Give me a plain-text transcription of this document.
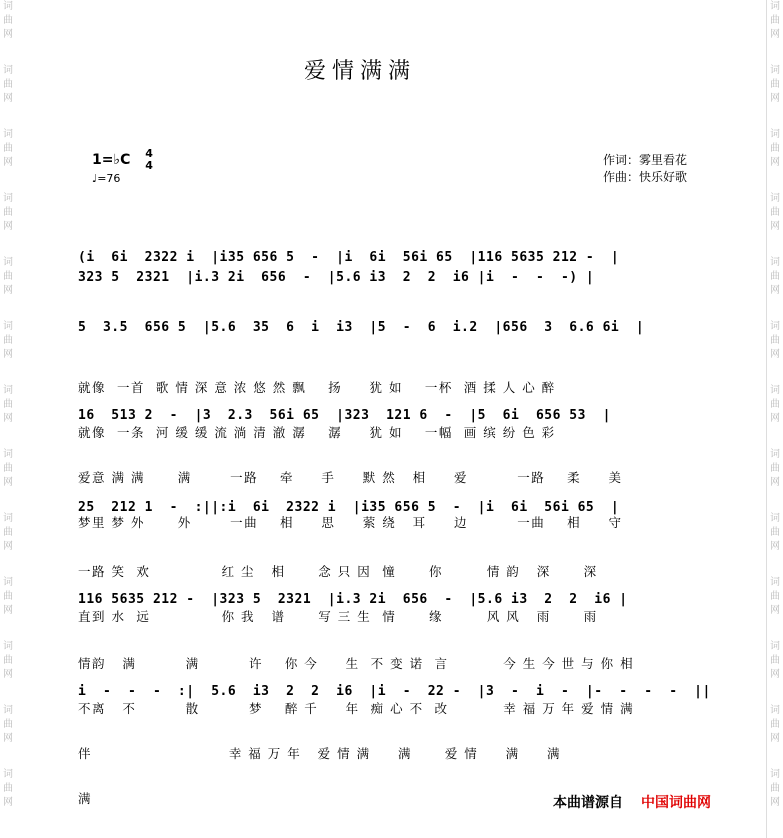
词
曲
网
词
曲
网
词
曲
网
词
曲
网
词
曲
网
词
曲
网
词
曲
网
词
曲
网
词
曲
网
词
曲
网
词
曲
网
词
曲
网
词
曲
网
词
曲
网
词
曲
网
词
曲
网
词
曲
网
词
曲
网
词
曲
网
词
曲
网
词
曲
网
词
曲
网
词
曲
网
词
曲
网
词
曲
网
词
曲
网
爱情满满
1=♭C 4
4
♩=76
作词：雾里看花
作曲：快乐好歌
(i  6i  2322 i  |i35 656 5  -  |i  6i  56i 65  |116 5635 212 -  |
323 5  2321  |i.3 2i  656  -  |5.6 i3  2  2  i6 |i  -  -  -) |
5  3.5  656 5  |5.6  35  6  i  i3  |5  -  6  i.2  |656  3  6.6 6i  |

就像  一首  歌 情 深 意 浓 悠 然 飘    扬     犹 如    一杯  酒 揉 人 心 醉

就像  一条  河 缓 缓 流 淌 清 澈 潺    潺     犹 如    一幅  画 缤 纷 色 彩

16  513 2  -  |3  2.3  56i 65  |323  121 6  -  |5  6i  656 53  |

爱意 满 满      满       一路    牵     手     默 然   相     爱         一路    柔     美

梦里 梦 外      外       一曲    相     思     萦 绕   耳     边         一曲    相     守

25  212 1  -  :||:i  6i  2322 i  |i35 656 5  -  |i  6i  56i 65  |

一路 笑  欢             红 尘   相      念 只 因  憧      你        情 韵   深      深

直到 水  远             你 我   谱      写 三 生  情      缘        风 风   雨      雨

116 5635 212 -  |323 5  2321  |i.3 2i  656  -  |5.6 i3  2  2  i6 |

情韵   满         满         许    你 今     生  不 变 诺  言          今 生 今 世 与 你 相

不离   不         散         梦    醉 千     年  痴 心 不  改          幸 福 万 年 爱 情 满

i  -  -  -  :|  5.6  i3  2  2  i6  |i  -  22 -  |3  -  i  -  |-  -  -  -  ||

伴                         幸 福 万 年   爱 情 满     满      爱 情     满     满

满	本曲谱源自 中国词曲网
